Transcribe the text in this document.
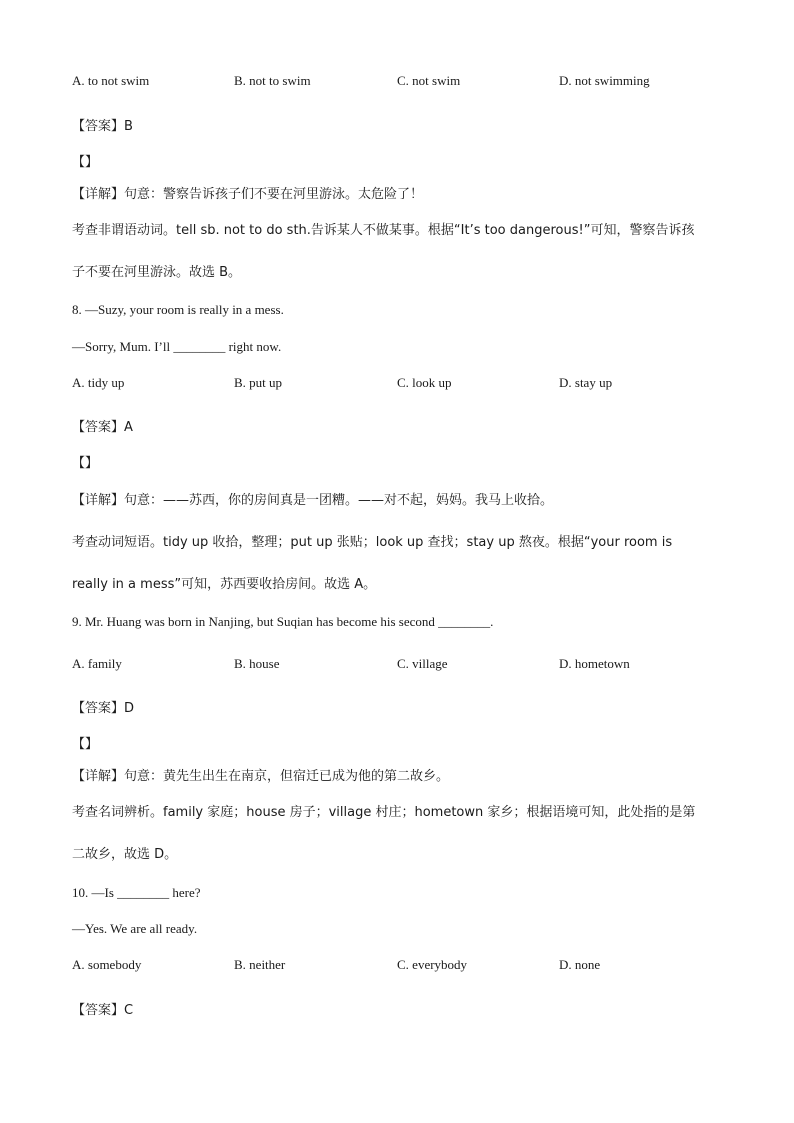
A. to not swim	B. not to swim	C. not swim	D. not swimming
【答案】B
【】
【详解】句意：警察告诉孩子们不要在河里游泳。太危险了！
考查非谓语动词。tell sb. not to do sth.告诉某人不做某事。根据“It’s too dangerous!”可知，警察告诉孩
子不要在河里游泳。故选 B。
8. —Suzy, your room is really in a mess.
—Sorry, Mum. I’ll ________ right now.
A. tidy up	B. put up	C. look up	D. stay up
【答案】A
【】
【详解】句意：——苏西，你的房间真是一团糟。——对不起，妈妈。我马上收拾。
考查动词短语。tidy up 收拾，整理；put up 张贴；look up 查找；stay up 熬夜。根据“your room is
really in a mess”可知，苏西要收拾房间。故选 A。
9. Mr. Huang was born in Nanjing, but Suqian has become his second ________.
A. family	B. house	C. village	D. hometown
【答案】D
【】
【详解】句意：黄先生出生在南京，但宿迁已成为他的第二故乡。
考查名词辨析。family 家庭；house 房子；village 村庄；hometown 家乡；根据语境可知，此处指的是第
二故乡，故选 D。
10. —Is ________ here?
—Yes. We are all ready.
A. somebody	B. neither	C. everybody	D. none
【答案】C
